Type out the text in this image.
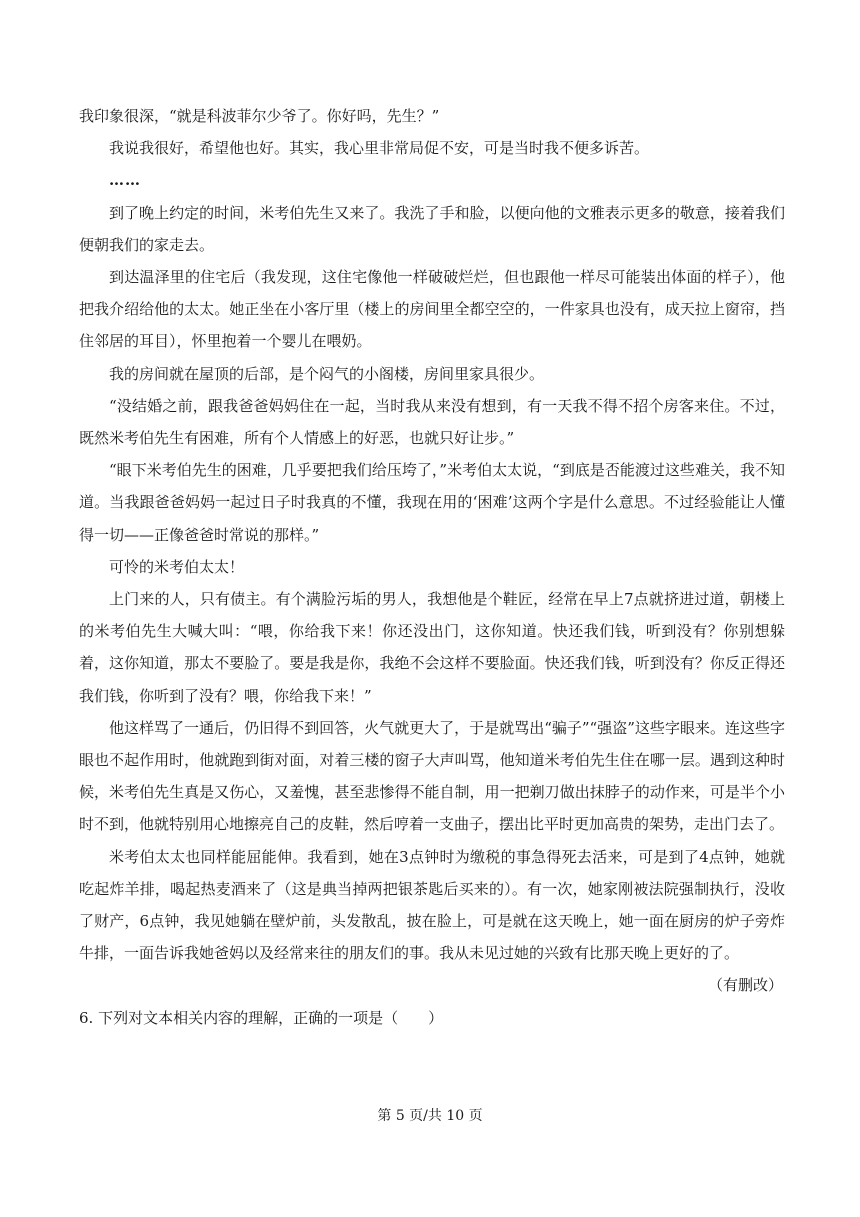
我印象很深，“就是科波菲尔少爷了。你好吗，先生？”

我说我很好，希望他也好。其实，我心里非常局促不安，可是当时我不便多诉苦。

……

到了晚上约定的时间，米考伯先生又来了。我洗了手和脸，以便向他的文雅表示更多的敬意，接着我们便朝我们的家走去。

到达温泽里的住宅后（我发现，这住宅像他一样破破烂烂，但也跟他一样尽可能装出体面的样子），他把我介绍给他的太太。她正坐在小客厅里（楼上的房间里全都空空的，一件家具也没有，成天拉上窗帘，挡住邻居的耳目），怀里抱着一个婴儿在喂奶。

我的房间就在屋顶的后部，是个闷气的小阁楼，房间里家具很少。

“没结婚之前，跟我爸爸妈妈住在一起，当时我从来没有想到，有一天我不得不招个房客来住。不过，既然米考伯先生有困难，所有个人情感上的好恶，也就只好让步。”

“眼下米考伯先生的困难，几乎要把我们给压垮了，”米考伯太太说，“到底是否能渡过这些难关，我不知道。当我跟爸爸妈妈一起过日子时我真的不懂，我现在用的‘困难’这两个字是什么意思。不过经验能让人懂得一切——正像爸爸时常说的那样。”

可怜的米考伯太太！

上门来的人，只有债主。有个满脸污垢的男人，我想他是个鞋匠，经常在早上7点就挤进过道，朝楼上的米考伯先生大喊大叫：“喂，你给我下来！你还没出门，这你知道。快还我们钱，听到没有？你别想躲着，这你知道，那太不要脸了。要是我是你，我绝不会这样不要脸面。快还我们钱，听到没有？你反正得还我们钱，你听到了没有？喂，你给我下来！”

他这样骂了一通后，仍旧得不到回答，火气就更大了，于是就骂出“骗子”“强盗”这些字眼来。连这些字眼也不起作用时，他就跑到街对面，对着三楼的窗子大声叫骂，他知道米考伯先生住在哪一层。遇到这种时候，米考伯先生真是又伤心，又羞愧，甚至悲惨得不能自制，用一把剃刀做出抹脖子的动作来，可是半个小时不到，他就特别用心地擦亮自己的皮鞋，然后哼着一支曲子，摆出比平时更加高贵的架势，走出门去了。

米考伯太太也同样能屈能伸。我看到，她在3点钟时为缴税的事急得死去活来，可是到了4点钟，她就吃起炸羊排，喝起热麦酒来了（这是典当掉两把银茶匙后买来的）。有一次，她家刚被法院强制执行，没收了财产，6点钟，我见她躺在壁炉前，头发散乱，披在脸上，可是就在这天晚上，她一面在厨房的炉子旁炸牛排，一面告诉我她爸妈以及经常来往的朋友们的事。我从未见过她的兴致有比那天晚上更好的了。

（有删改）

6. 下列对文本相关内容的理解，正确的一项是（　　）

第 5 页/共 10 页
